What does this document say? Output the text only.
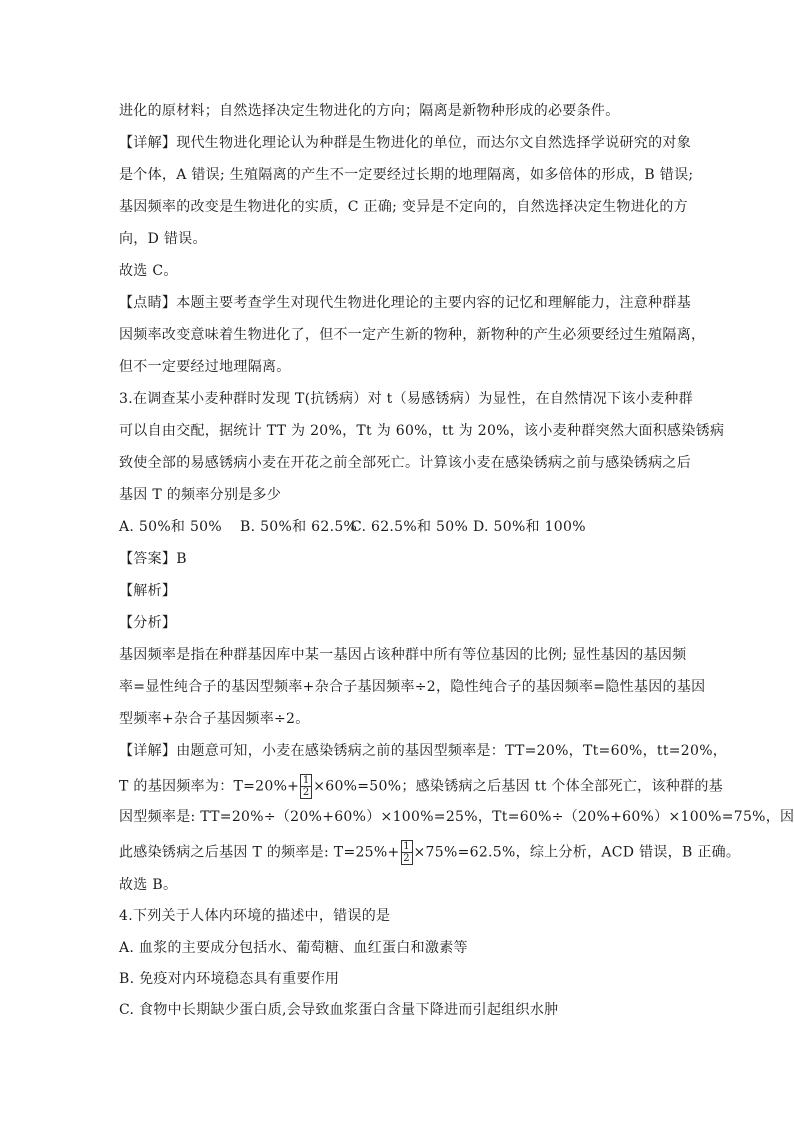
进化的原材料；自然选择决定生物进化的方向；隔离是新物种形成的必要条件。
【详解】现代生物进化理论认为种群是生物进化的单位，而达尔文自然选择学说研究的对象
是个体，A 错误; 生殖隔离的产生不一定要经过长期的地理隔离，如多倍体的形成，B 错误;
基因频率的改变是生物进化的实质，C 正确; 变异是不定向的，自然选择决定生物进化的方
向，D 错误。
故选 C。
【点睛】本题主要考查学生对现代生物进化理论的主要内容的记忆和理解能力，注意种群基
因频率改变意味着生物进化了，但不一定产生新的物种，新物种的产生必须要经过生殖隔离，
但不一定要经过地理隔离。
3.在调查某小麦种群时发现 T(抗锈病）对 t（易感锈病）为显性，在自然情况下该小麦种群
可以自由交配，据统计 TT 为 20%，Tt 为 60%，tt 为 20%，该小麦种群突然大面积感染锈病
致使全部的易感锈病小麦在开花之前全部死亡。计算该小麦在感染锈病之前与感染锈病之后
基因 T 的频率分别是多少
A. 50%和 50% B. 50%和 62.5%
C. 62.5%和 50% D. 50%和 100%
【答案】B
【解析】
【分析】
基因频率是指在种群基因库中某一基因占该种群中所有等位基因的比例; 显性基因的基因频
率=显性纯合子的基因型频率+杂合子基因频率÷2，隐性纯合子的基因频率=隐性基因的基因
型频率+杂合子基因频率÷2。
【详解】由题意可知，小麦在感染锈病之前的基因型频率是：TT=20%，Tt=60%，tt=20%，
T 的基因频率为：$T=20\%+ \frac{1}{2} \times 60\%=50\%$；感染锈病之后基因 tt 个体全部死亡，该种群的基
因型频率是: TT=20%÷（20%+60%）×100%=25%，Tt=60%÷（20%+60%）×100%=75%，因
此感染锈病之后基因 T 的频率是: $T=25\%+ \frac{1}{2} \times 75\%=62.5\%$，综上分析，ACD 错误，B 正确。
故选 B。
4.下列关于人体内环境的描述中，错误的是
A. 血浆的主要成分包括水、葡萄糖、血红蛋白和激素等
B. 免疫对内环境稳态具有重要作用
C. 食物中长期缺少蛋白质,会导致血浆蛋白含量下降进而引起组织水肿
